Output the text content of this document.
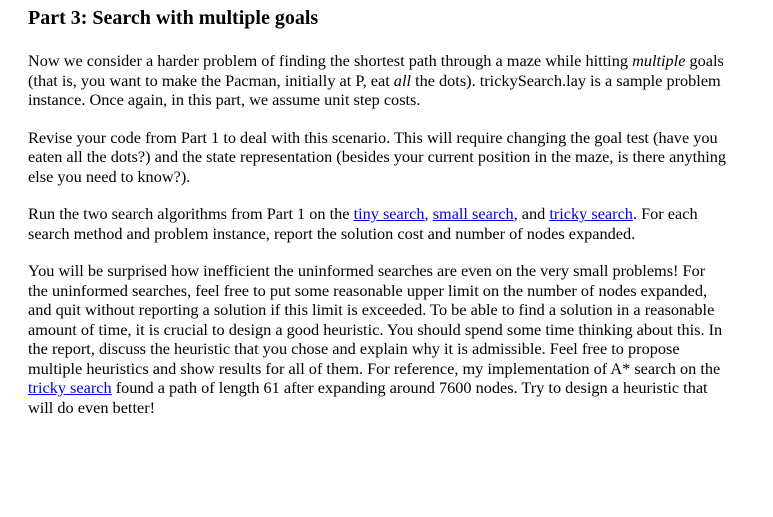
Part 3: Search with multiple goals

Now we consider a harder problem of finding the shortest path through a maze while hitting multiple goals (that is, you want to make the Pacman, initially at P, eat all the dots). trickySearch.lay is a sample problem instance. Once again, in this part, we assume unit step costs.

Revise your code from Part 1 to deal with this scenario. This will require changing the goal test (have you eaten all the dots?) and the state representation (besides your current position in the maze, is there anything else you need to know?).

Run the two search algorithms from Part 1 on the tiny search, small search, and tricky search. For each search method and problem instance, report the solution cost and number of nodes expanded.

You will be surprised how inefficient the uninformed searches are even on the very small problems! For the uninformed searches, feel free to put some reasonable upper limit on the number of nodes expanded, and quit without reporting a solution if this limit is exceeded. To be able to find a solution in a reasonable amount of time, it is crucial to design a good heuristic. You should spend some time thinking about this. In the report, discuss the heuristic that you chose and explain why it is admissible. Feel free to propose multiple heuristics and show results for all of them. For reference, my implementation of A* search on the tricky search found a path of length 61 after expanding around 7600 nodes. Try to design a heuristic that will do even better!
